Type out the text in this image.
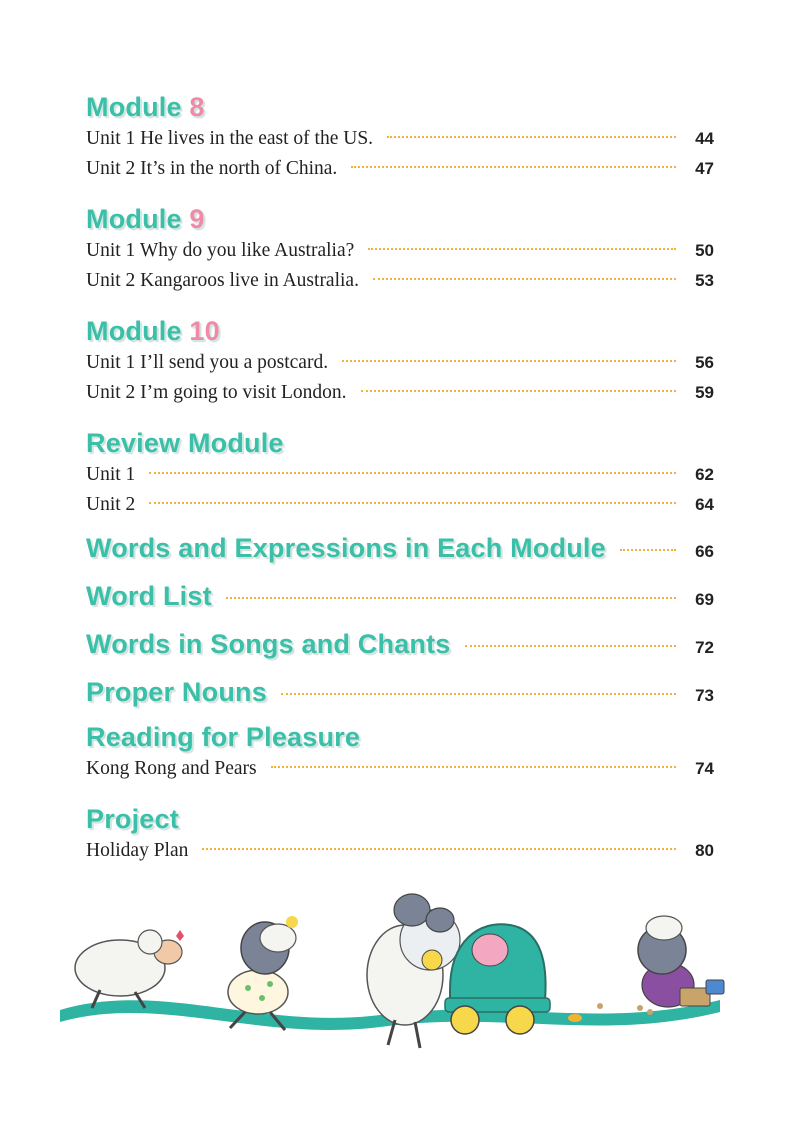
Module 8
Unit 1 He lives in the east of the US.	44
Unit 2 It’s in the north of China.	47
Module 9
Unit 1 Why do you like Australia?	50
Unit 2 Kangaroos live in Australia.	53
Module 10
Unit 1 I’ll send you a postcard.	56
Unit 2 I’m going to visit London.	59
Review Module
Unit 1	62
Unit 2	64
Words and Expressions in Each Module	66
Word List	69
Words in Songs and Chants	72
Proper Nouns	73
Reading for Pleasure
Kong Rong and Pears	74
Project
Holiday Plan	80
